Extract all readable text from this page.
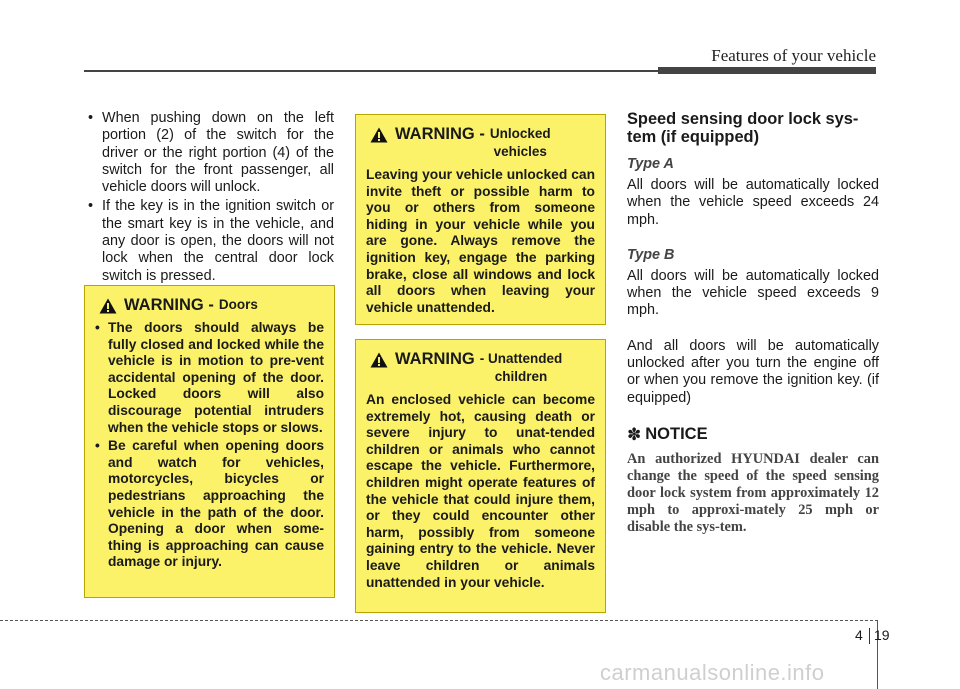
Features of your vehicle
• When pushing down on the left portion (2) of the switch for the driver or the right portion (4) of the switch for the front passenger, all vehicle doors will unlock.
• If the key is in the ignition switch or the smart key is in the vehicle, and any door is open, the doors will not lock when the central door lock switch is pressed.
WARNING - Doors
• The doors should always be fully closed and locked while the vehicle is in motion to pre-vent accidental opening of the door. Locked doors will also discourage potential intruders when the vehicle stops or slows.
• Be careful when opening doors and watch for vehicles, motorcycles, bicycles or pedestrians approaching the vehicle in the path of the door. Opening a door when some-thing is approaching can cause damage or injury.
WARNING - Unlocked
vehicles

Leaving your vehicle unlocked can invite theft or possible harm to you or others from someone hiding in your vehicle while you are gone. Always remove the ignition key, engage the parking brake, close all windows and lock all doors when leaving your vehicle unattended.

WARNING - Unattended
children

An enclosed vehicle can become extremely hot, causing death or severe injury to unat-tended children or animals who cannot escape the vehicle. Furthermore, children might operate features of the vehicle that could injure them, or they could encounter other harm, possibly from someone gaining entry to the vehicle. Never leave children or animals unattended in your vehicle.

Speed sensing door lock sys-tem (if equipped)
Type A

All doors will be automatically locked when the vehicle speed exceeds 24 mph.

Type B

All doors will be automatically locked when the vehicle speed exceeds 9 mph.

And all doors will be automatically unlocked after you turn the engine off or when you remove the ignition key. (if equipped)

✽ NOTICE

An authorized HYUNDAI dealer can change the speed of the speed sensing door lock system from approximately 12 mph to approxi-mately 25 mph or disable the sys-tem.

4 19
carmanualsonline.info
